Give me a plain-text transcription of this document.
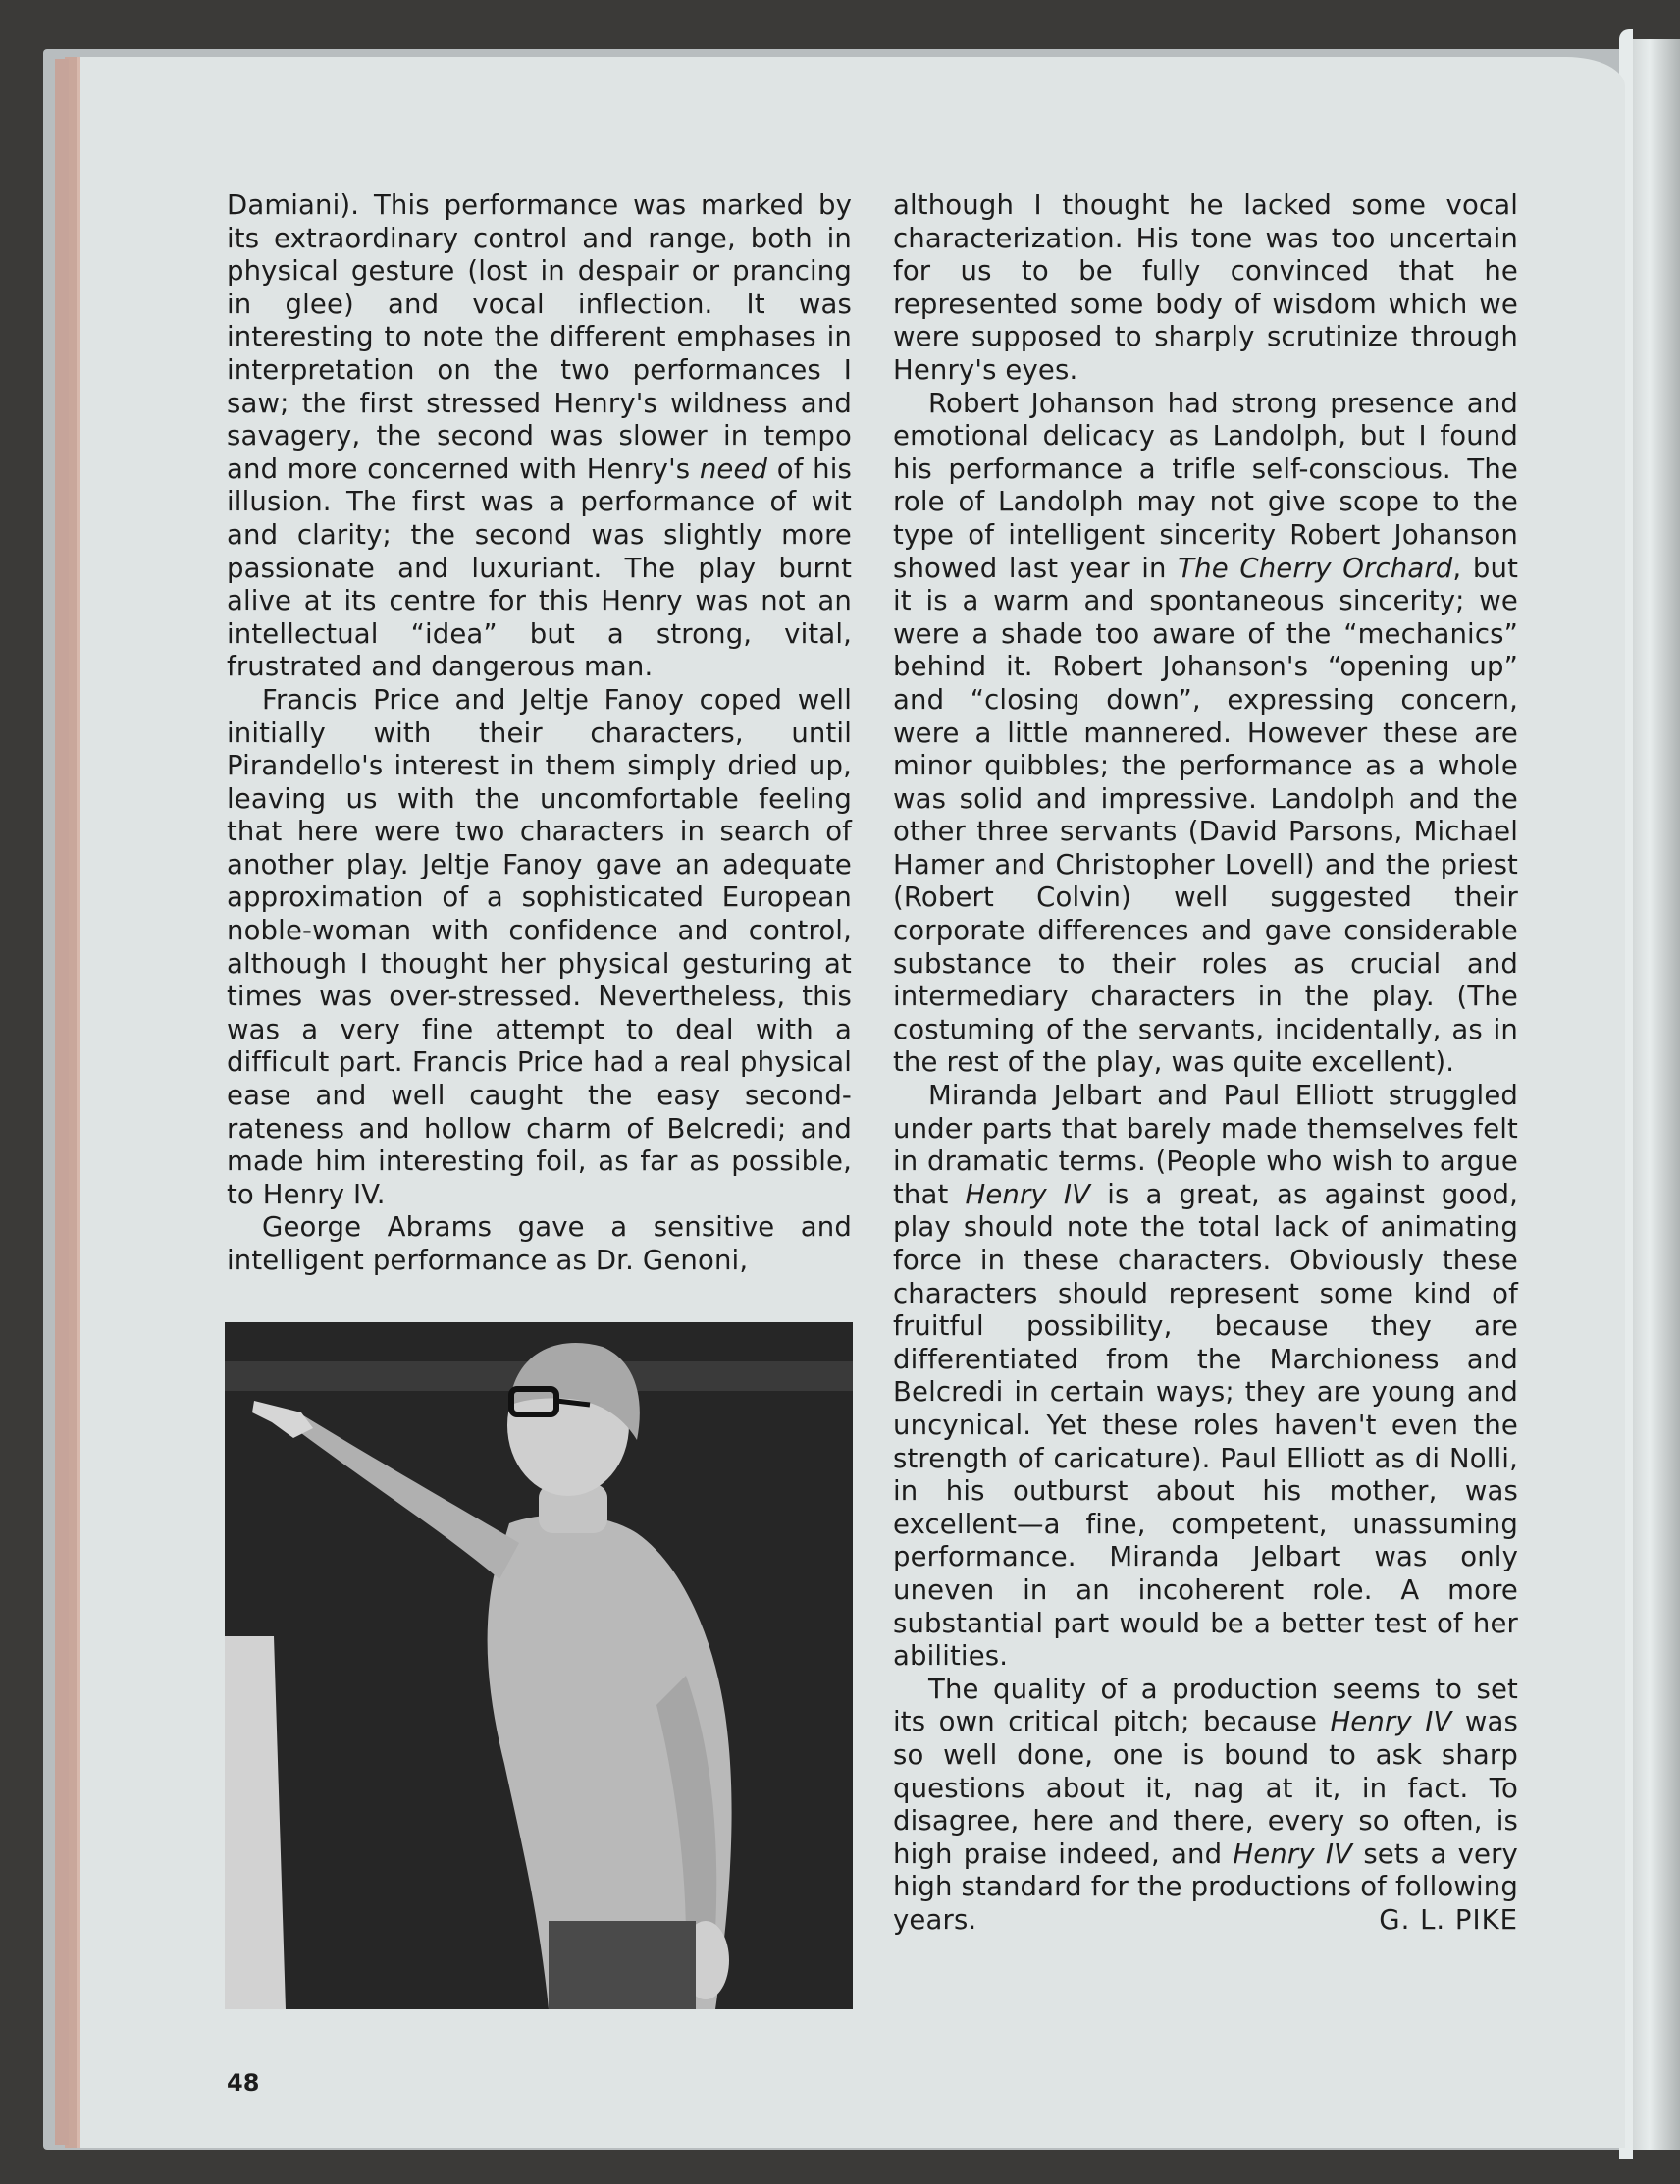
Damiani). This performance was marked by its extraordinary control and range, both in physical gesture (lost in despair or prancing in glee) and vocal inflection. It was interesting to note the different emphases in interpretation on the two performances I saw; the first stressed Henry's wildness and savagery, the second was slower in tempo and more concerned with Henry's need of his illusion. The first was a performance of wit and clarity; the second was slightly more passionate and luxuriant. The play burnt alive at its centre for this Henry was not an intellectual “idea” but a strong, vital, frustrated and dangerous man.

Francis Price and Jeltje Fanoy coped well initially with their characters, until Pirandello's interest in them simply dried up, leaving us with the uncomfortable feeling that here were two characters in search of another play. Jeltje Fanoy gave an adequate approximation of a sophisticated European noble-woman with confidence and control, although I thought her physical gesturing at times was over-stressed. Nevertheless, this was a very fine attempt to deal with a difficult part. Francis Price had a real physical ease and well caught the easy second-rateness and hollow charm of Belcredi; and made him interesting foil, as far as possible, to Henry IV.

George Abrams gave a sensitive and intelligent performance as Dr. Genoni,

although I thought he lacked some vocal characterization. His tone was too uncertain for us to be fully convinced that he represented some body of wisdom which we were supposed to sharply scrutinize through Henry's eyes.

Robert Johanson had strong presence and emotional delicacy as Landolph, but I found his performance a trifle self-conscious. The role of Landolph may not give scope to the type of intelligent sincerity Robert Johanson showed last year in The Cherry Orchard, but it is a warm and spontaneous sincerity; we were a shade too aware of the “mechanics” behind it. Robert Johanson's “opening up” and “closing down”, expressing concern, were a little mannered. However these are minor quibbles; the performance as a whole was solid and impressive. Landolph and the other three servants (David Parsons, Michael Hamer and Christopher Lovell) and the priest (Robert Colvin) well suggested their corporate differences and gave considerable substance to their roles as crucial and intermediary characters in the play. (The costuming of the servants, incidentally, as in the rest of the play, was quite excellent).

Miranda Jelbart and Paul Elliott struggled under parts that barely made themselves felt in dramatic terms. (People who wish to argue that Henry IV is a great, as against good, play should note the total lack of animating force in these characters. Obviously these characters should represent some kind of fruitful possibility, because they are differentiated from the Marchioness and Belcredi in certain ways; they are young and uncynical. Yet these roles haven't even the strength of caricature). Paul Elliott as di Nolli, in his outburst about his mother, was excellent—a fine, competent, unassuming performance. Miranda Jelbart was only uneven in an incoherent role. A more substantial part would be a better test of her abilities.

The quality of a production seems to set its own critical pitch; because Henry IV was so well done, one is bound to ask sharp questions about it, nag at it, in fact. To disagree, here and there, every so often, is high praise indeed, and Henry IV sets a very high standard for the productions of following years.	G. L. PIKE
48
